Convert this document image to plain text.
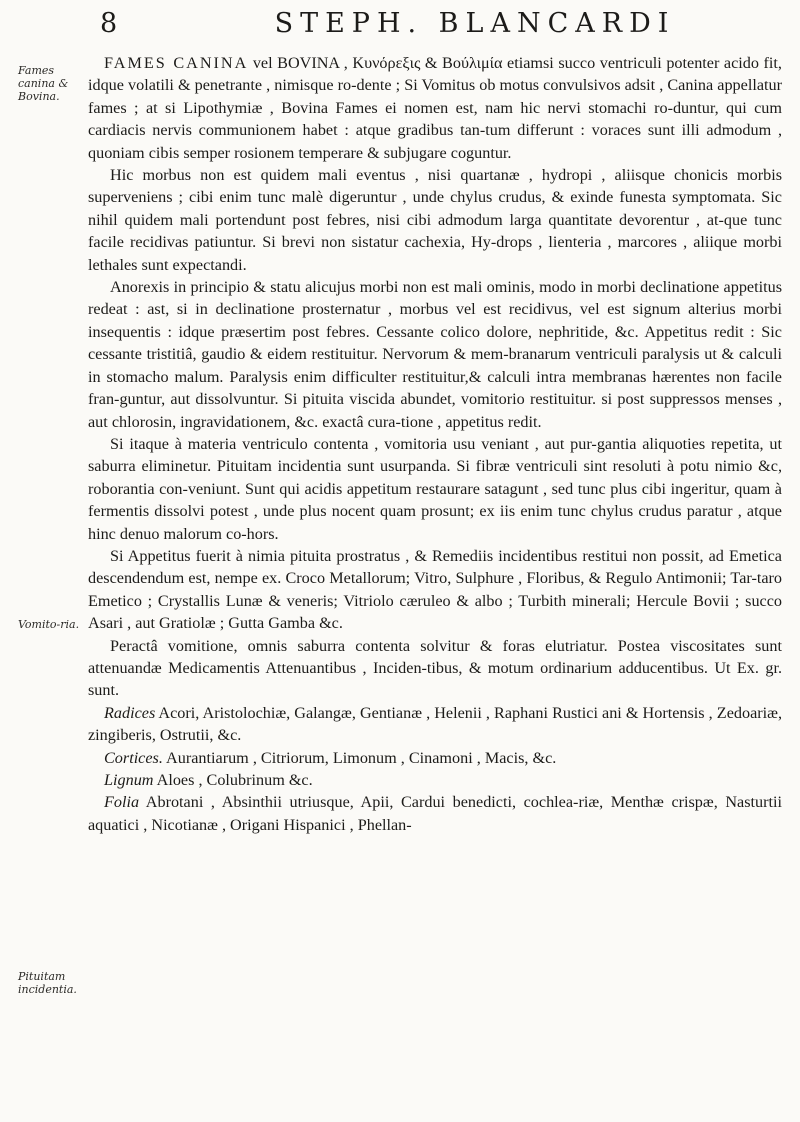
8	STEPH. BLANCARDI
Fames canina & Bovina.
Vomito-ria.
Pituitam incidentia.

FAMES CANINA vel BOVINA , Κυνόρεξις & Βούλιμία etiamsi succo ventriculi potenter acido fit, idque volatili & penetrante , nimisque ro-dente ; Si Vomitus ob motus convulsivos adsit , Canina appellatur fames ; at si Lipothymiæ , Bovina Fames ei nomen est, nam hic nervi stomachi ro-duntur, qui cum cardiacis nervis communionem habet : atque gradibus tan-tum differunt : voraces sunt illi admodum , quoniam cibis semper rosionem temperare & subjugare coguntur.

Hic morbus non est quidem mali eventus , nisi quartanæ , hydropi , aliisque chonicis morbis superveniens ; cibi enim tunc malè digeruntur , unde chylus crudus, & exinde funesta symptomata. Sic nihil quidem mali portendunt post febres, nisi cibi admodum larga quantitate devorentur , at-que tunc facile recidivas patiuntur. Si brevi non sistatur cachexia, Hy-drops , lienteria , marcores , aliique morbi lethales sunt expectandi.

Anorexis in principio & statu alicujus morbi non est mali ominis, modo in morbi declinatione appetitus redeat : ast, si in declinatione prosternatur , morbus vel est recidivus, vel est signum alterius morbi insequentis : idque præsertim post febres. Cessante colico dolore, nephritide, &c. Appetitus redit : Sic cessante tristitiâ, gaudio & eidem restituitur. Nervorum & mem-branarum ventriculi paralysis ut & calculi in stomacho malum. Paralysis enim difficulter restituitur,& calculi intra membranas hærentes non facile fran-guntur, aut dissolvuntur. Si pituita viscida abundet, vomitorio restituitur. si post suppressos menses , aut chlorosin, ingravidationem, &c. exactâ cura-tione , appetitus redit.

Si itaque à materia ventriculo contenta , vomitoria usu veniant , aut pur-gantia aliquoties repetita, ut saburra eliminetur. Pituitam incidentia sunt usurpanda. Si fibræ ventriculi sint resoluti à potu nimio &c, roborantia con-veniunt. Sunt qui acidis appetitum restaurare satagunt , sed tunc plus cibi ingeritur, quam à fermentis dissolvi potest , unde plus nocent quam prosunt; ex iis enim tunc chylus crudus paratur , atque hinc denuo malorum co-hors.

Si Appetitus fuerit à nimia pituita prostratus , & Remediis incidentibus restitui non possit, ad Emetica descendendum est, nempe ex. Croco Metallorum; Vitro, Sulphure , Floribus, & Regulo Antimonii; Tar-taro Emetico ; Crystallis Lunæ & veneris; Vitriolo cæruleo & albo ; Turbith minerali; Hercule Bovii ; succo Asari , aut Gratiolæ ; Gutta Gamba &c.

Peractâ vomitione, omnis saburra contenta solvitur & foras elutriatur. Postea viscositates sunt attenuandæ Medicamentis Attenuantibus , Inciden-tibus, & motum ordinarium adducentibus. Ut Ex. gr. sunt.

Radices Acori, Aristolochiæ, Galangæ, Gentianæ , Helenii , Raphani Rustici ani & Hortensis , Zedoariæ, zingiberis, Ostrutii, &c.

Cortices. Aurantiarum , Citriorum, Limonum , Cinamoni , Macis, &c.

Lignum Aloes , Colubrinum &c.

Folia Abrotani , Absinthii utriusque, Apii, Cardui benedicti, cochlea-riæ, Menthæ crispæ, Nasturtii aquatici , Nicotianæ , Origani Hispanici , Phellan-
